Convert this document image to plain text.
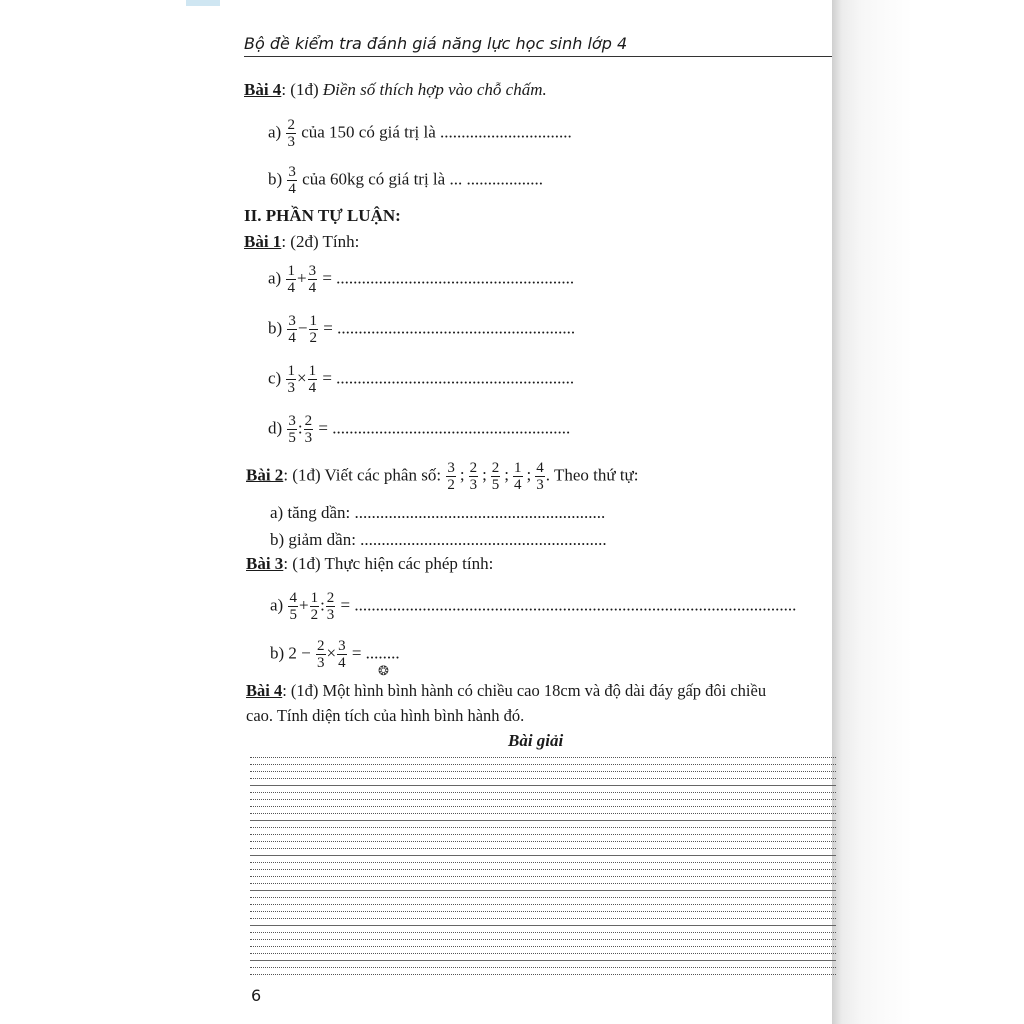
Bộ đề kiểm tra đánh giá năng lực học sinh lớp 4
Bài 4: (1đ) Điền số thích hợp vào chỗ chấm.
$a) \frac{2}{3}$ của 150 có giá trị là ...............................
$b) \frac{3}{4}$ của 60kg có giá trị là ... ..................
II. PHẦN TỰ LUẬN:
Bài 1: (2đ) Tính:
$a) \frac{1}{4} + \frac{3}{4}$ = ........................................................
$b) \frac{3}{4} - \frac{1}{2}$ = ........................................................
$c) \frac{1}{3} \times \frac{1}{4}$ = ........................................................
$d) \frac{3}{5}$ : $\frac{2}{3}$ = ........................................................
Bài 2: (1đ) Viết các phân số: $\frac{3}{2}$ ; $\frac{2}{3}$ ; $\frac{2}{5}$ ; $\frac{1}{4}$ ; $\frac{4}{3}$ . Theo thứ tự:
a) tăng dần: ...........................................................
b) giảm dần: ..........................................................
Bài 3: (1đ) Thực hiện các phép tính:
$a) \frac{4}{5} + \frac{1}{2}$ : $\frac{2}{3}$ = ........................................................................................................
b) $2 - \frac{2}{3} \times \frac{3}{4}$ = ........
❂
Bài 4: (1đ) Một hình bình hành có chiều cao 18cm và độ dài đáy gấp đôi chiều
cao. Tính diện tích của hình bình hành đó.
Bài giải
6
